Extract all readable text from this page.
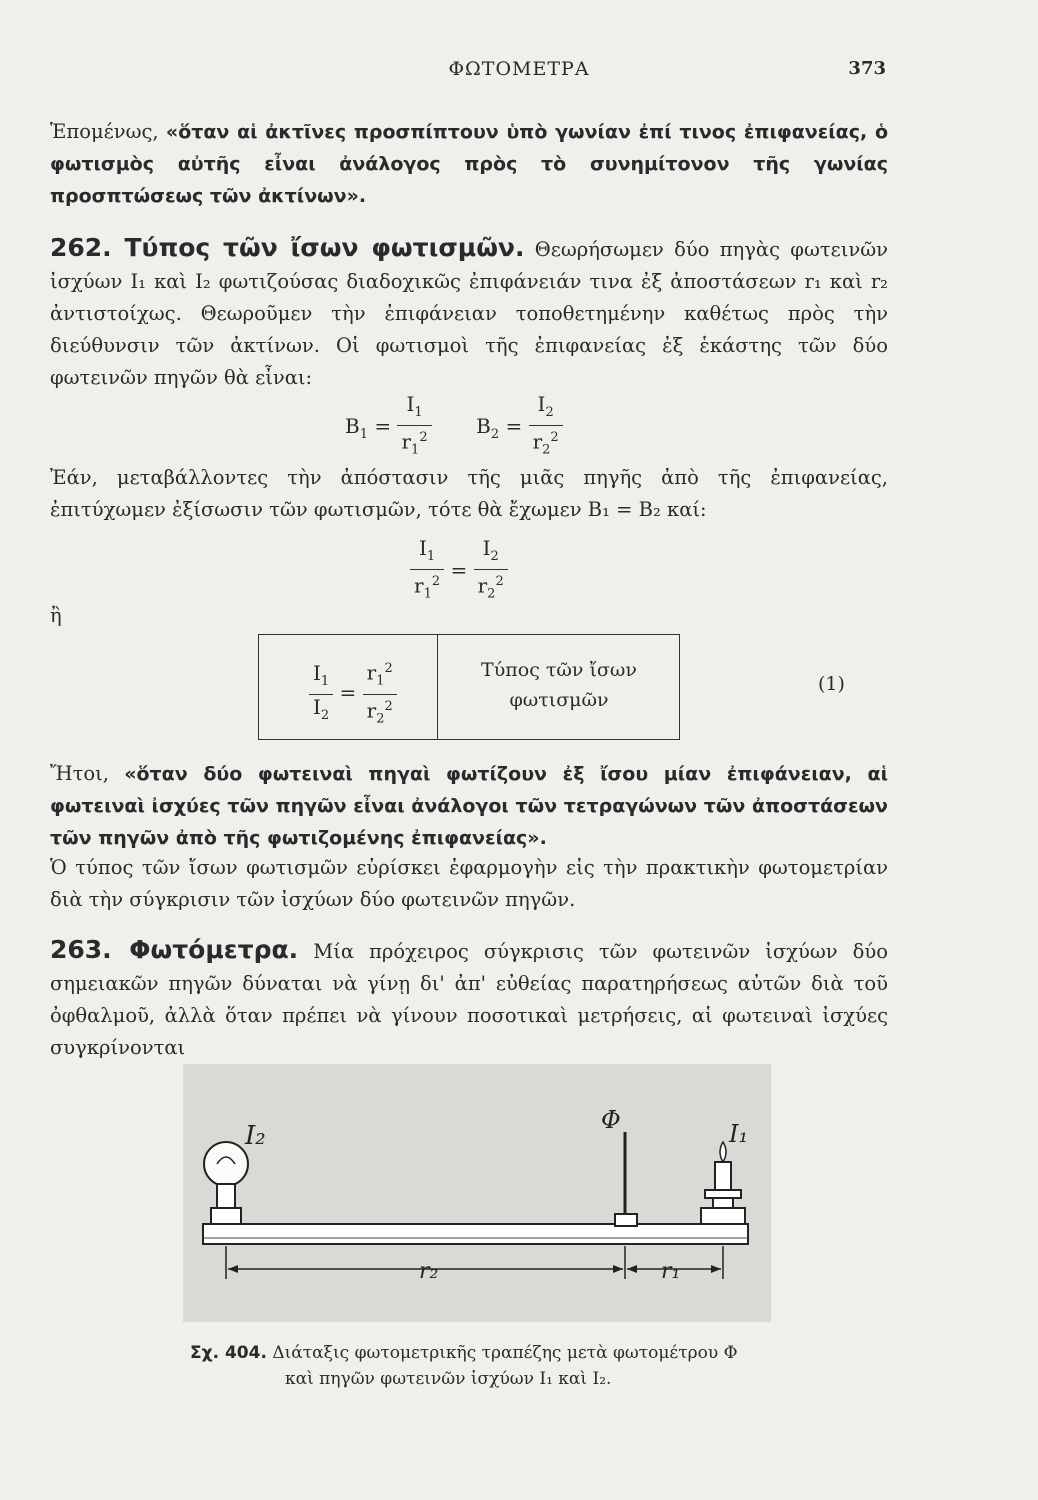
ΦΩΤΟΜΕΤΡΑ	373
Ἑπομένως, «ὅταν αἱ ἀκτῖνες προσπίπτουν ὑπὸ γωνίαν ἐπί τινος ἐπιφανείας, ὁ φωτισμὸς αὐτῆς εἶναι ἀνάλογος πρὸς τὸ συνημίτονον τῆς γωνίας προσπτώσεως τῶν ἀκτίνων».
262. Τύπος τῶν ἴσων φωτισμῶν. Θεωρήσωμεν δύο πηγὰς φωτεινῶν ἰσχύων I₁ καὶ I₂ φωτιζούσας διαδοχικῶς ἐπιφάνειάν τινα ἐξ ἀποστάσεων r₁ καὶ r₂ ἀντιστοίχως. Θεωροῦμεν τὴν ἐπιφάνειαν τοποθετημένην καθέτως πρὸς τὴν διεύθυνσιν τῶν ἀκτίνων. Οἱ φωτισμοὶ τῆς ἐπιφανείας ἐξ ἑκάστης τῶν δύο φωτεινῶν πηγῶν θὰ εἶναι:
$B_1 = \frac{I_1}{r_1^2} B_2 = \frac{I_2}{r_2^2}$
Ἐάν, μεταβάλλοντες τὴν ἀπόστασιν τῆς μιᾶς πηγῆς ἀπὸ τῆς ἐπιφανείας, ἐπιτύχωμεν ἐξίσωσιν τῶν φωτισμῶν, τότε θὰ ἔχωμεν B₁ = B₂ καί:
$\frac{I_1}{r_1^2} = \frac{I_2}{r_2^2}$
ἢ
$\frac{I_1}{I_2} = \frac{r_1^2}{r_2^2}$	Τύπος τῶν ἴσων
φωτισμῶν
(1)
Ἤτοι, «ὅταν δύο φωτειναὶ πηγαὶ φωτίζουν ἐξ ἴσου μίαν ἐπιφάνειαν, αἱ φωτειναὶ ἰσχύες τῶν πηγῶν εἶναι ἀνάλογοι τῶν τετραγώνων τῶν ἀποστάσεων τῶν πηγῶν ἀπὸ τῆς φωτιζομένης ἐπιφανείας».
Ὁ τύπος τῶν ἴσων φωτισμῶν εὑρίσκει ἐφαρμογὴν εἰς τὴν πρακτικὴν φωτομετρίαν διὰ τὴν σύγκρισιν τῶν ἰσχύων δύο φωτεινῶν πηγῶν.
263. Φωτόμετρα. Μία πρόχειρος σύγκρισις τῶν φωτεινῶν ἰσχύων δύο σημειακῶν πηγῶν δύναται νὰ γίνῃ δι' ἀπ' εὐθείας παρατηρήσεως αὐτῶν διὰ τοῦ ὀφθαλμοῦ, ἀλλὰ ὅταν πρέπει νὰ γίνουν ποσοτικαὶ μετρήσεις, αἱ φωτειναὶ ἰσχύες συγκρίνονται
I₂
Φ	I₁
r₂	r₁
Σχ. 404. Διάταξις φωτομετρικῆς τραπέζης μετὰ φωτομέτρου Φ
καὶ πηγῶν φωτεινῶν ἰσχύων I₁ καὶ I₂.
